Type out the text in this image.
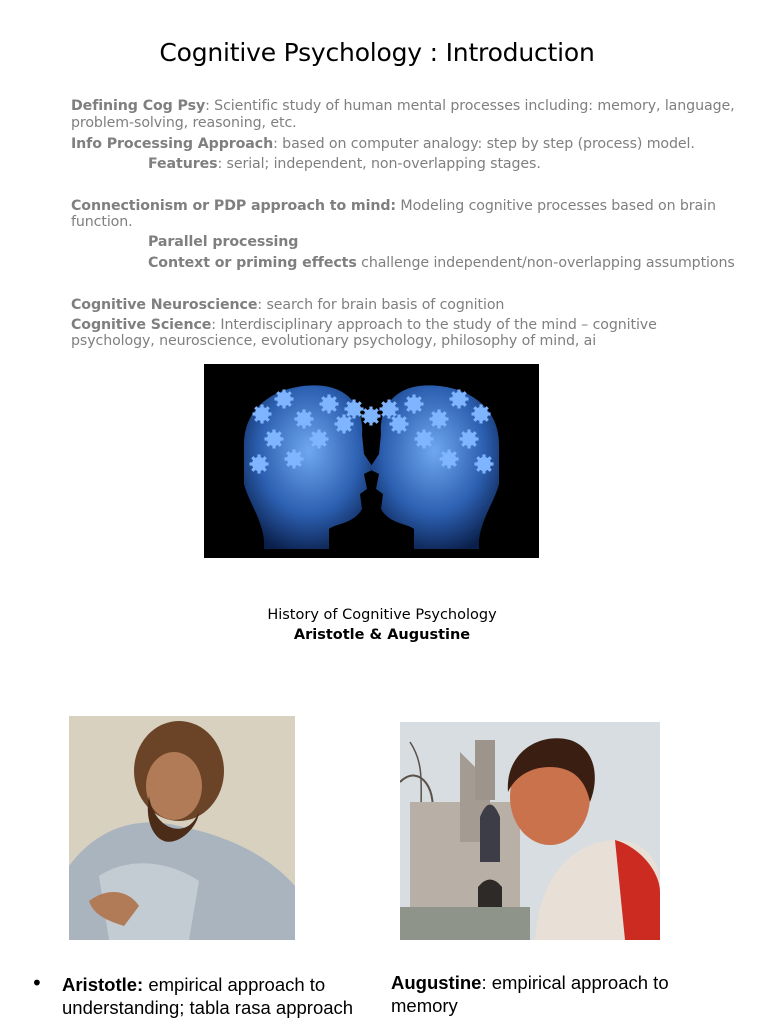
Cognitive Psychology : Introduction
Defining Cog Psy: Scientific study of human mental processes including: memory, language,
problem-solving, reasoning, etc.
Info Processing Approach: based on computer analogy: step by step (process) model.
Features: serial; independent, non-overlapping stages.
Connectionism or PDP approach to mind: Modeling cognitive processes based on brain
function.
Parallel processing
Context or priming effects challenge independent/non-overlapping assumptions
Cognitive Neuroscience: search for brain basis of cognition
Cognitive Science: Interdisciplinary approach to the study of the mind – cognitive
psychology, neuroscience, evolutionary psychology, philosophy of mind, ai
History of Cognitive Psychology
Aristotle & Augustine
• Aristotle: empirical approach to understanding; tabla rasa approach
Augustine: empirical approach to memory
